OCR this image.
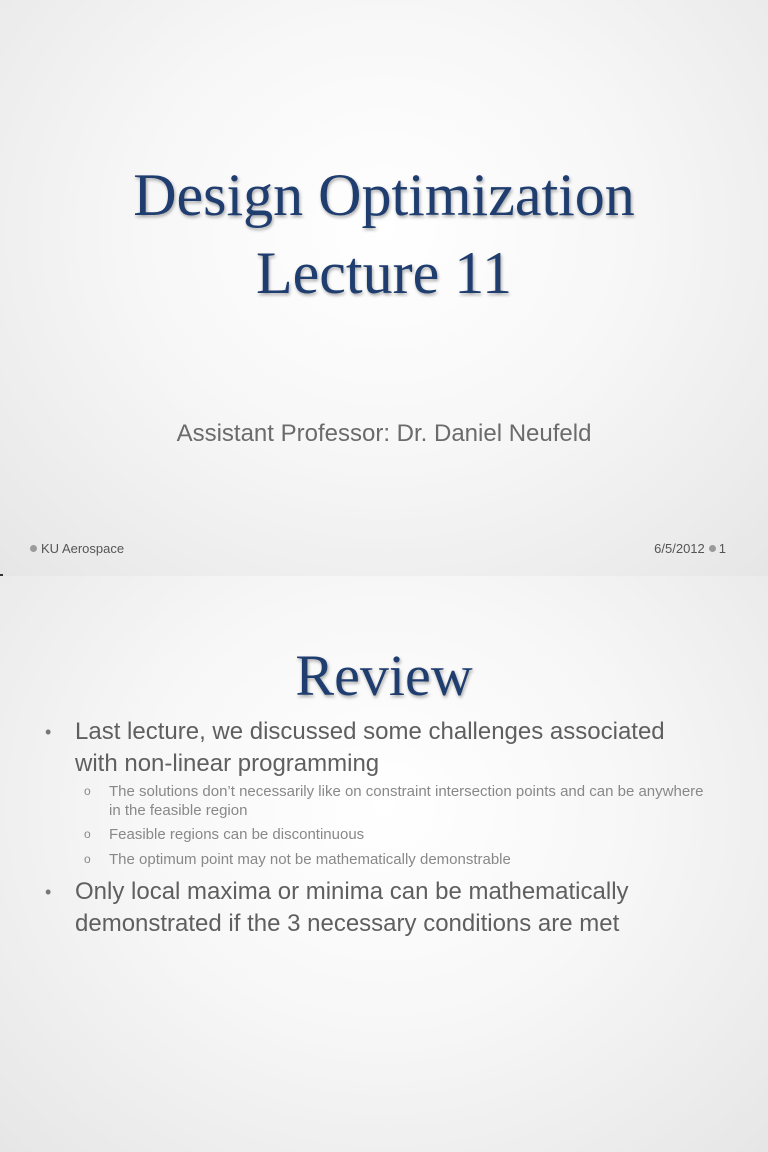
Design Optimization
Lecture 11
Assistant Professor: Dr. Daniel Neufeld
KU Aerospace	6/5/2012 1
Review
• Last lecture, we discussed some challenges associated with non-linear programming
o The solutions don’t necessarily like on constraint intersection points and can be anywhere in the feasible region
o Feasible regions can be discontinuous
o The optimum point may not be mathematically demonstrable
• Only local maxima or minima can be mathematically demonstrated if the 3 necessary conditions are met
